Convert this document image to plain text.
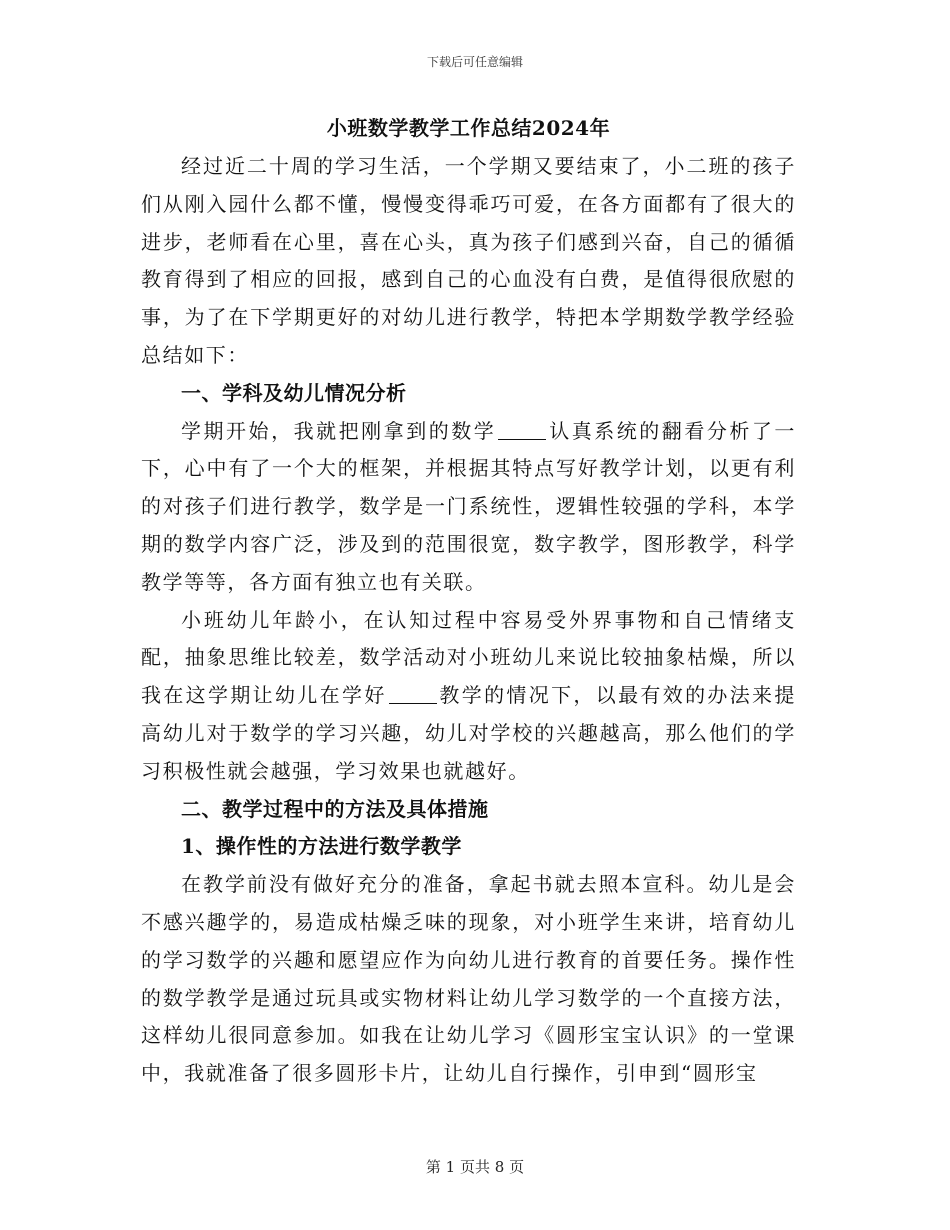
下载后可任意编辑
小班数学教学工作总结2024年

经过近二十周的学习生活，一个学期又要结束了，小二班的孩子们从刚入园什么都不懂，慢慢变得乖巧可爱，在各方面都有了很大的进步，老师看在心里，喜在心头，真为孩子们感到兴奋，自己的循循教育得到了相应的回报，感到自己的心血没有白费，是值得很欣慰的事，为了在下学期更好的对幼儿进行教学，特把本学期数学教学经验总结如下：

一、学科及幼儿情况分析

学期开始，我就把刚拿到的数学	认真系统的翻看分析了一下，心中有了一个大的框架，并根据其特点写好教学计划，以更有利的对孩子们进行教学，数学是一门系统性，逻辑性较强的学科，本学期的数学内容广泛，涉及到的范围很宽，数字教学，图形教学，科学教学等等，各方面有独立也有关联。

小班幼儿年龄小，在认知过程中容易受外界事物和自己情绪支配，抽象思维比较差，数学活动对小班幼儿来说比较抽象枯燥，所以我在这学期让幼儿在学好	教学的情况下，以最有效的办法来提高幼儿对于数学的学习兴趣，幼儿对学校的兴趣越高，那么他们的学习积极性就会越强，学习效果也就越好。

二、教学过程中的方法及具体措施

1、操作性的方法进行数学教学

在教学前没有做好充分的准备，拿起书就去照本宣科。幼儿是会不感兴趣学的，易造成枯燥乏味的现象，对小班学生来讲，培育幼儿的学习数学的兴趣和愿望应作为向幼儿进行教育的首要任务。操作性的数学教学是通过玩具或实物材料让幼儿学习数学的一个直接方法，这样幼儿很同意参加。如我在让幼儿学习《圆形宝宝认识》的一堂课中，我就准备了很多圆形卡片，让幼儿自行操作，引申到“圆形宝

第 1 页共 8 页
